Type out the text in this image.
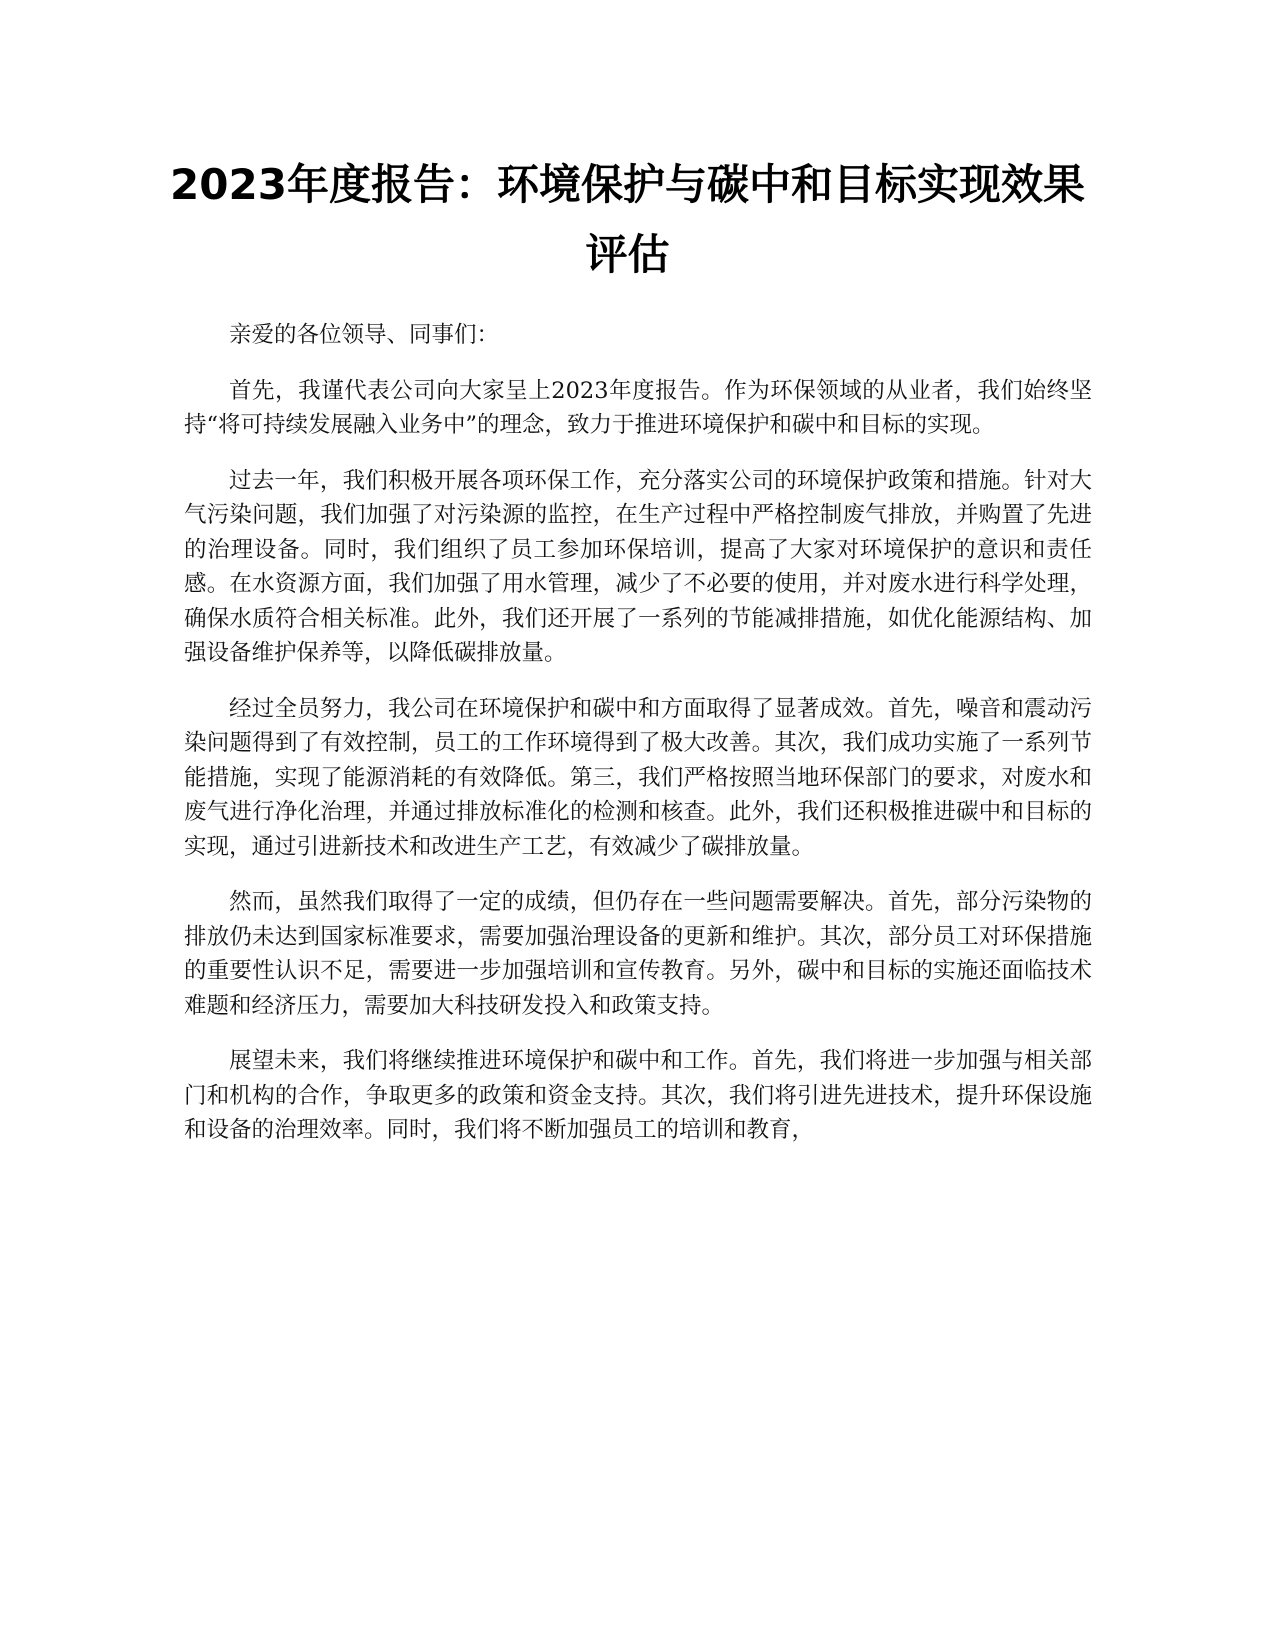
2023年度报告：环境保护与碳中和目标实现效果评估

亲爱的各位领导、同事们：

首先，我谨代表公司向大家呈上2023年度报告。作为环保领域的从业者，我们始终坚持“将可持续发展融入业务中”的理念，致力于推进环境保护和碳中和目标的实现。

过去一年，我们积极开展各项环保工作，充分落实公司的环境保护政策和措施。针对大气污染问题，我们加强了对污染源的监控，在生产过程中严格控制废气排放，并购置了先进的治理设备。同时，我们组织了员工参加环保培训，提高了大家对环境保护的意识和责任感。在水资源方面，我们加强了用水管理，减少了不必要的使用，并对废水进行科学处理，确保水质符合相关标准。此外，我们还开展了一系列的节能减排措施，如优化能源结构、加强设备维护保养等，以降低碳排放量。

经过全员努力，我公司在环境保护和碳中和方面取得了显著成效。首先，噪音和震动污染问题得到了有效控制，员工的工作环境得到了极大改善。其次，我们成功实施了一系列节能措施，实现了能源消耗的有效降低。第三，我们严格按照当地环保部门的要求，对废水和废气进行净化治理，并通过排放标准化的检测和核查。此外，我们还积极推进碳中和目标的实现，通过引进新技术和改进生产工艺，有效减少了碳排放量。

然而，虽然我们取得了一定的成绩，但仍存在一些问题需要解决。首先，部分污染物的排放仍未达到国家标准要求，需要加强治理设备的更新和维护。其次，部分员工对环保措施的重要性认识不足，需要进一步加强培训和宣传教育。另外，碳中和目标的实施还面临技术难题和经济压力，需要加大科技研发投入和政策支持。

展望未来，我们将继续推进环境保护和碳中和工作。首先，我们将进一步加强与相关部门和机构的合作，争取更多的政策和资金支持。其次，我们将引进先进技术，提升环保设施和设备的治理效率。同时，我们将不断加强员工的培训和教育，
